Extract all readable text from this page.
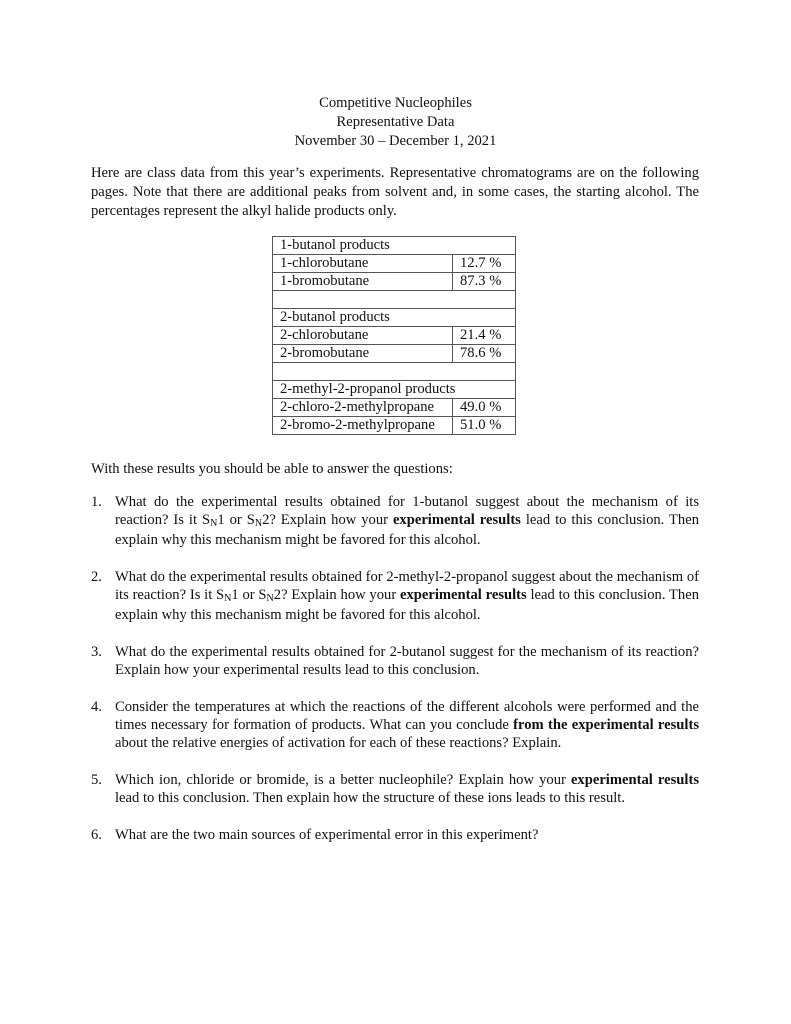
Competitive Nucleophiles
Representative Data
November 30 – December 1, 2021

Here are class data from this year’s experiments. Representative chromatograms are on the following pages. Note that there are additional peaks from solvent and, in some cases, the starting alcohol. The percentages represent the alkyl halide products only.

1-butanol products	
1-chlorobutane	12.7 %
1-bromobutane	87.3 %

2-butanol products	
2-chlorobutane	21.4 %
2-bromobutane	78.6 %

2-methyl-2-propanol products	
2-chloro-2-methylpropane	49.0 %
2-bromo-2-methylpropane	51.0 %
With these results you should be able to answer the questions:
1. What do the experimental results obtained for 1-butanol suggest about the mechanism of its reaction? Is it SN1 or SN2? Explain how your experimental results lead to this conclusion. Then explain why this mechanism might be favored for this alcohol.
2. What do the experimental results obtained for 2-methyl-2-propanol suggest about the mechanism of its reaction? Is it SN1 or SN2? Explain how your experimental results lead to this conclusion. Then explain why this mechanism might be favored for this alcohol.
3. What do the experimental results obtained for 2-butanol suggest for the mechanism of its reaction? Explain how your experimental results lead to this conclusion.
4. Consider the temperatures at which the reactions of the different alcohols were performed and the times necessary for formation of products. What can you conclude from the experimental results about the relative energies of activation for each of these reactions? Explain.
5. Which ion, chloride or bromide, is a better nucleophile? Explain how your experimental results lead to this conclusion. Then explain how the structure of these ions leads to this result.
6. What are the two main sources of experimental error in this experiment?
